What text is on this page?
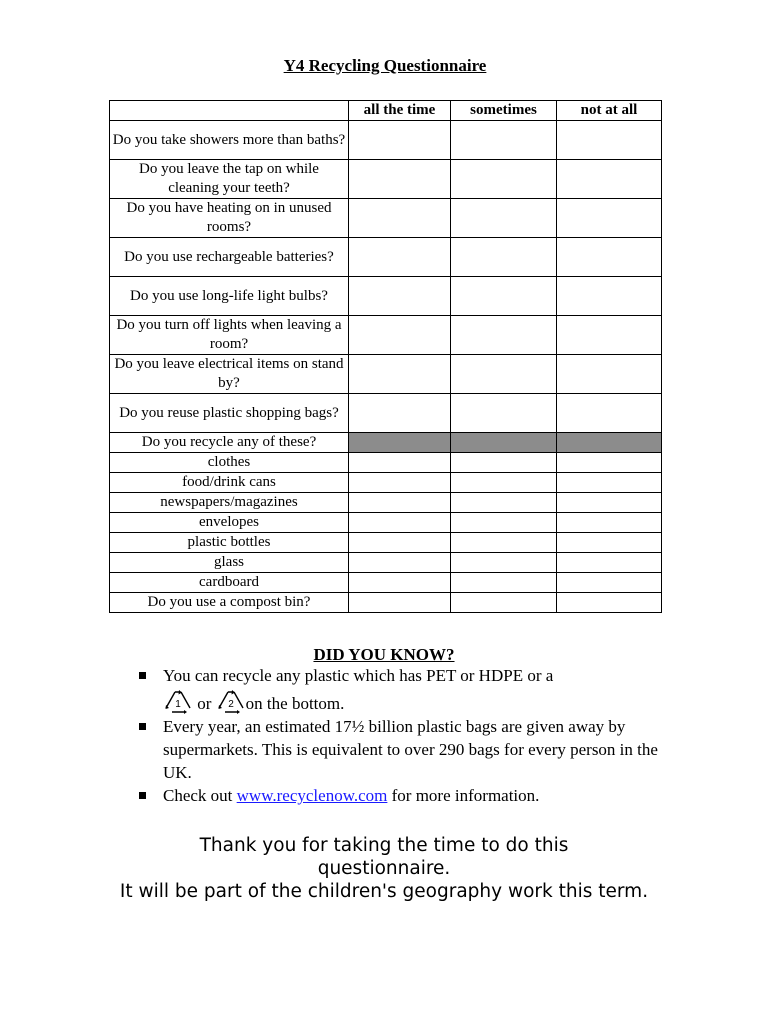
Y4 Recycling Questionnaire
	all the time	sometimes	not at all
Do you take showers more than baths?			
Do you leave the tap on while cleaning your teeth?			
Do you have heating on in unused rooms?			
Do you use rechargeable batteries?			
Do you use long-life light bulbs?			
Do you turn off lights when leaving a room?			
Do you leave electrical items on stand by?			
Do you reuse plastic shopping bags?			
Do you recycle any of these?			
clothes			
food/drink cans			
newspapers/magazines			
envelopes			
plastic bottles			
glass			
cardboard			
Do you use a compost bin?			
DID YOU KNOW?
You can recycle any plastic which has PET or HDPE or a

1 or 2 on the bottom.
Every year, an estimated 17½ billion plastic bags are given away by supermarkets. This is equivalent to over 290 bags for every person in the UK.
Check out www.recyclenow.com for more information.
Thank you for taking the time to do this questionnaire.
It will be part of the children's geography work this term.
